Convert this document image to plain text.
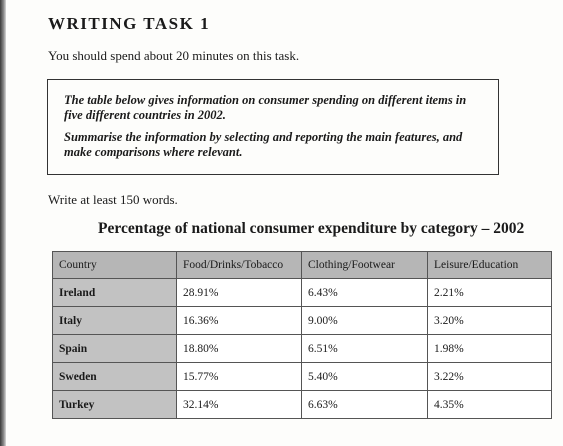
WRITING TASK 1
You should spend about 20 minutes on this task.

The table below gives information on consumer spending on different items in five different countries in 2002.

Summarise the information by selecting and reporting the main features, and make comparisons where relevant.

Write at least 150 words.
Percentage of national consumer expenditure by category – 2002
Country	Food/Drinks/Tobacco	Clothing/Footwear	Leisure/Education
Ireland	28.91%	6.43%	2.21%
Italy	16.36%	9.00%	3.20%
Spain	18.80%	6.51%	1.98%
Sweden	15.77%	5.40%	3.22%
Turkey	32.14%	6.63%	4.35%
